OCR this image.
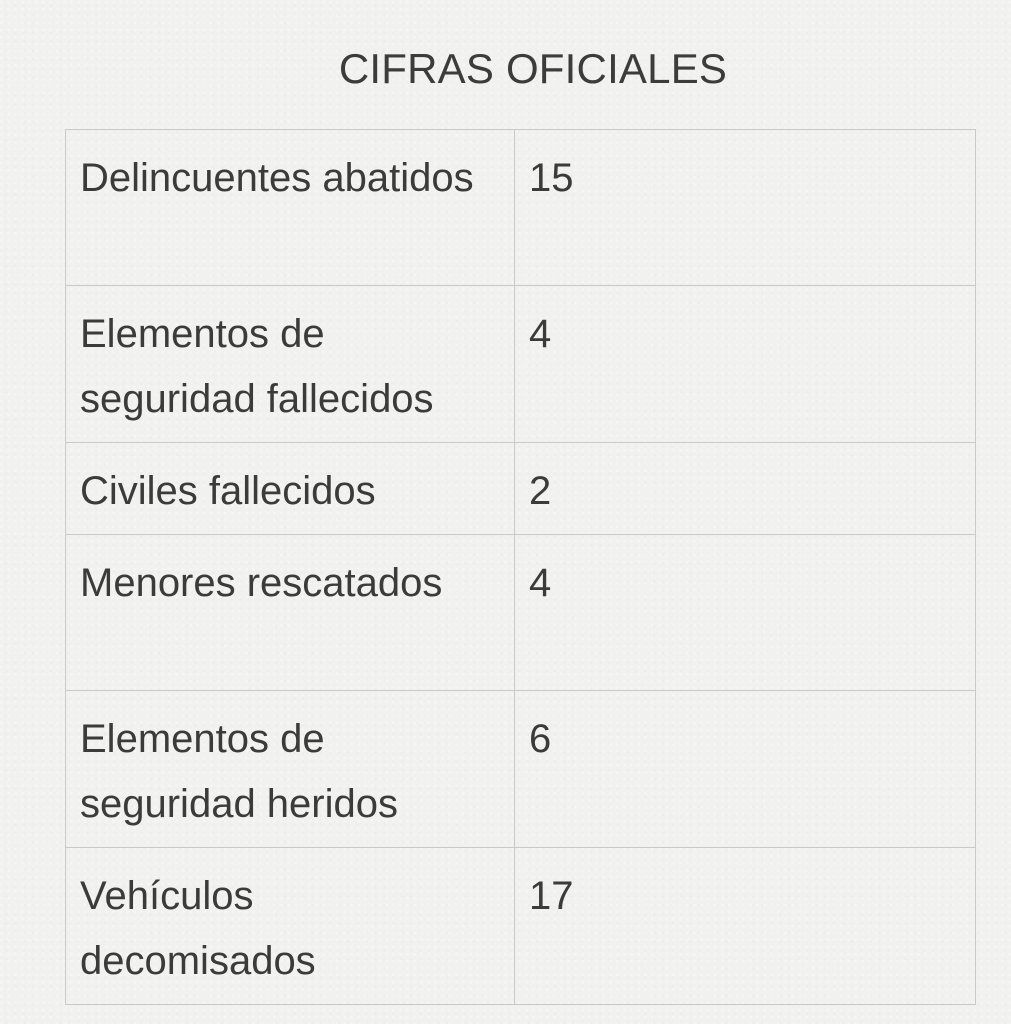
CIFRAS OFICIALES
Delincuentes abatidos	15
Elementos de seguridad fallecidos	4
Civiles fallecidos	2
Menores rescatados	4
Elementos de seguridad heridos	6
Vehículos decomisados	17
